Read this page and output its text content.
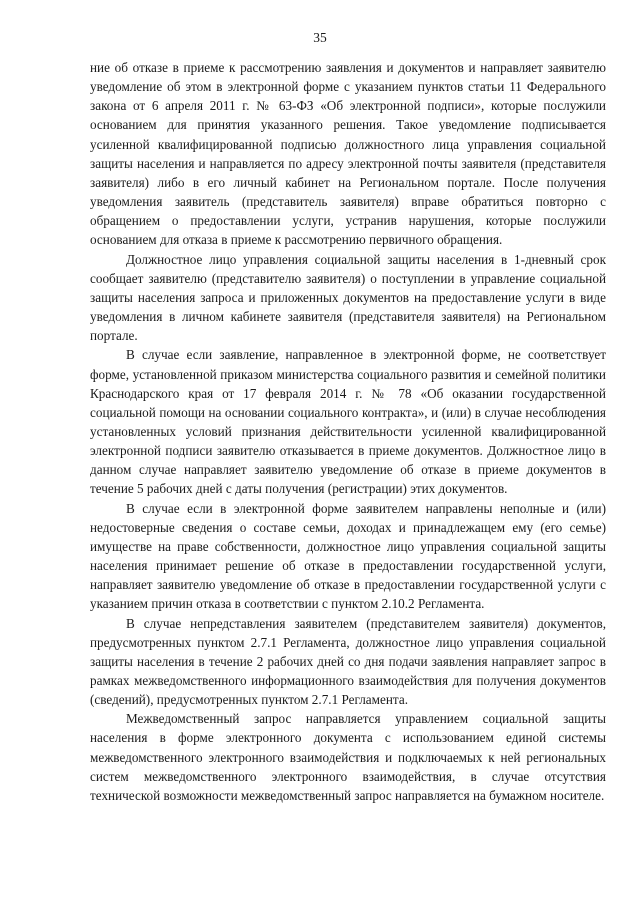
35

ние об отказе в приеме к рассмотрению заявления и документов и направляет заявителю уведомление об этом в электронной форме с указанием пунктов статьи 11 Федерального закона от 6 апреля 2011 г. № 63-ФЗ «Об электронной подписи», которые послужили основанием для принятия указанного решения. Такое уведомление подписывается усиленной квалифицированной подписью должностного лица управления социальной защиты населения и направляется по адресу электронной почты заявителя (представителя заявителя) либо в его личный кабинет на Региональном портале. После получения уведомления заявитель (представитель заявителя) вправе обратиться повторно с обращением о предоставлении услуги, устранив нарушения, которые послужили основанием для отказа в приеме к рассмотрению первичного обращения.

Должностное лицо управления социальной защиты населения в 1-дневный срок сообщает заявителю (представителю заявителя) о поступлении в управление социальной защиты населения запроса и приложенных документов на предоставление услуги в виде уведомления в личном кабинете заявителя (представителя заявителя) на Региональном портале.

В случае если заявление, направленное в электронной форме, не соответствует форме, установленной приказом министерства социального развития и семейной политики Краснодарского края от 17 февраля 2014 г. № 78 «Об оказании государственной социальной помощи на основании социального контракта», и (или) в случае несоблюдения установленных условий признания действительности усиленной квалифицированной электронной подписи заявителю отказывается в приеме документов. Должностное лицо в данном случае направляет заявителю уведомление об отказе в приеме документов в течение 5 рабочих дней с даты получения (регистрации) этих документов.

В случае если в электронной форме заявителем направлены неполные и (или) недостоверные сведения о составе семьи, доходах и принадлежащем ему (его семье) имуществе на праве собственности, должностное лицо управления социальной защиты населения принимает решение об отказе в предоставлении государственной услуги, направляет заявителю уведомление об отказе в предоставлении государственной услуги с указанием причин отказа в соответствии с пунктом 2.10.2 Регламента.

В случае непредставления заявителем (представителем заявителя) документов, предусмотренных пунктом 2.7.1 Регламента, должностное лицо управления социальной защиты населения в течение 2 рабочих дней со дня подачи заявления направляет запрос в рамках межведомственного информационного взаимодействия для получения документов (сведений), предусмотренных пунктом 2.7.1 Регламента.

Межведомственный запрос направляется управлением социальной защиты населения в форме электронного документа с использованием единой системы межведомственного электронного взаимодействия и подключаемых к ней региональных систем межведомственного электронного взаимодействия, в случае отсутствия технической возможности межведомственный запрос направляется на бумажном носителе.
